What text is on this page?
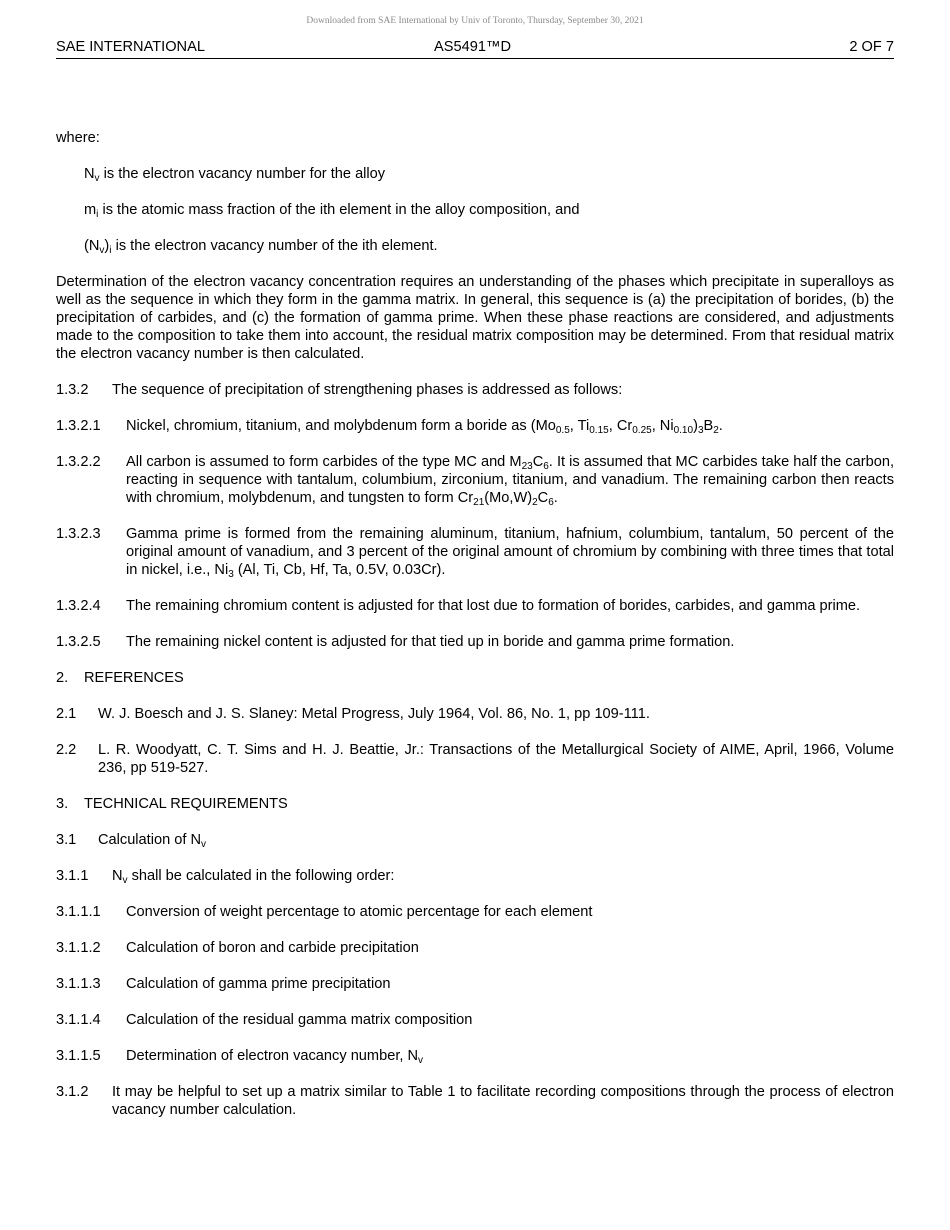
Downloaded from SAE International by Univ of Toronto, Thursday, September 30, 2021
SAE INTERNATIONAL	AS5491™D	2 OF 7

where:

$N_v$ is the electron vacancy number for the alloy

$m_i$ is the atomic mass fraction of the ith element in the alloy composition, and

$(N_v)_i$ is the electron vacancy number of the ith element.

Determination of the electron vacancy concentration requires an understanding of the phases which precipitate in superalloys as well as the sequence in which they form in the gamma matrix. In general, this sequence is (a) the precipitation of borides, (b) the precipitation of carbides, and (c) the formation of gamma prime. When these phase reactions are considered, and adjustments made to the composition to take them into account, the residual matrix composition may be determined. From that residual matrix the electron vacancy number is then calculated.

1.3.2	The sequence of precipitation of strengthening phases is addressed as follows:
1.3.2.1	Nickel, chromium, titanium, and molybdenum form a boride as ($Mo_{0.5}$, $Ti_{0.15}$, $Cr_{0.25}$, $Ni_{0.10})_3B_2$.
1.3.2.2	All carbon is assumed to form carbides of the type MC and $M_{23}C_6$. It is assumed that MC carbides take half the carbon, reacting in sequence with tantalum, columbium, zirconium, titanium, and vanadium. The remaining carbon then reacts with chromium, molybdenum, and tungsten to form $Cr_{21}(Mo,W)_2C_6$.
1.3.2.3	Gamma prime is formed from the remaining aluminum, titanium, hafnium, columbium, tantalum, 50 percent of the original amount of vanadium, and 3 percent of the original amount of chromium by combining with three times that total in nickel, i.e., $Ni_3$ (Al, Ti, Cb, Hf, Ta, 0.5V, 0.03Cr).
1.3.2.4	The remaining chromium content is adjusted for that lost due to formation of borides, carbides, and gamma prime.
1.3.2.5	The remaining nickel content is adjusted for that tied up in boride and gamma prime formation.
2.	REFERENCES
2.1	W. J. Boesch and J. S. Slaney: Metal Progress, July 1964, Vol. 86, No. 1, pp 109-111.
2.2	L. R. Woodyatt, C. T. Sims and H. J. Beattie, Jr.: Transactions of the Metallurgical Society of AIME, April, 1966, Volume 236, pp 519-527.
3.	TECHNICAL REQUIREMENTS
3.1	Calculation of $N_v$
3.1.1	$N_v$ shall be calculated in the following order:
3.1.1.1	Conversion of weight percentage to atomic percentage for each element
3.1.1.2	Calculation of boron and carbide precipitation
3.1.1.3	Calculation of gamma prime precipitation
3.1.1.4	Calculation of the residual gamma matrix composition
3.1.1.5	Determination of electron vacancy number, $N_v$
3.1.2	It may be helpful to set up a matrix similar to Table 1 to facilitate recording compositions through the process of electron vacancy number calculation.
